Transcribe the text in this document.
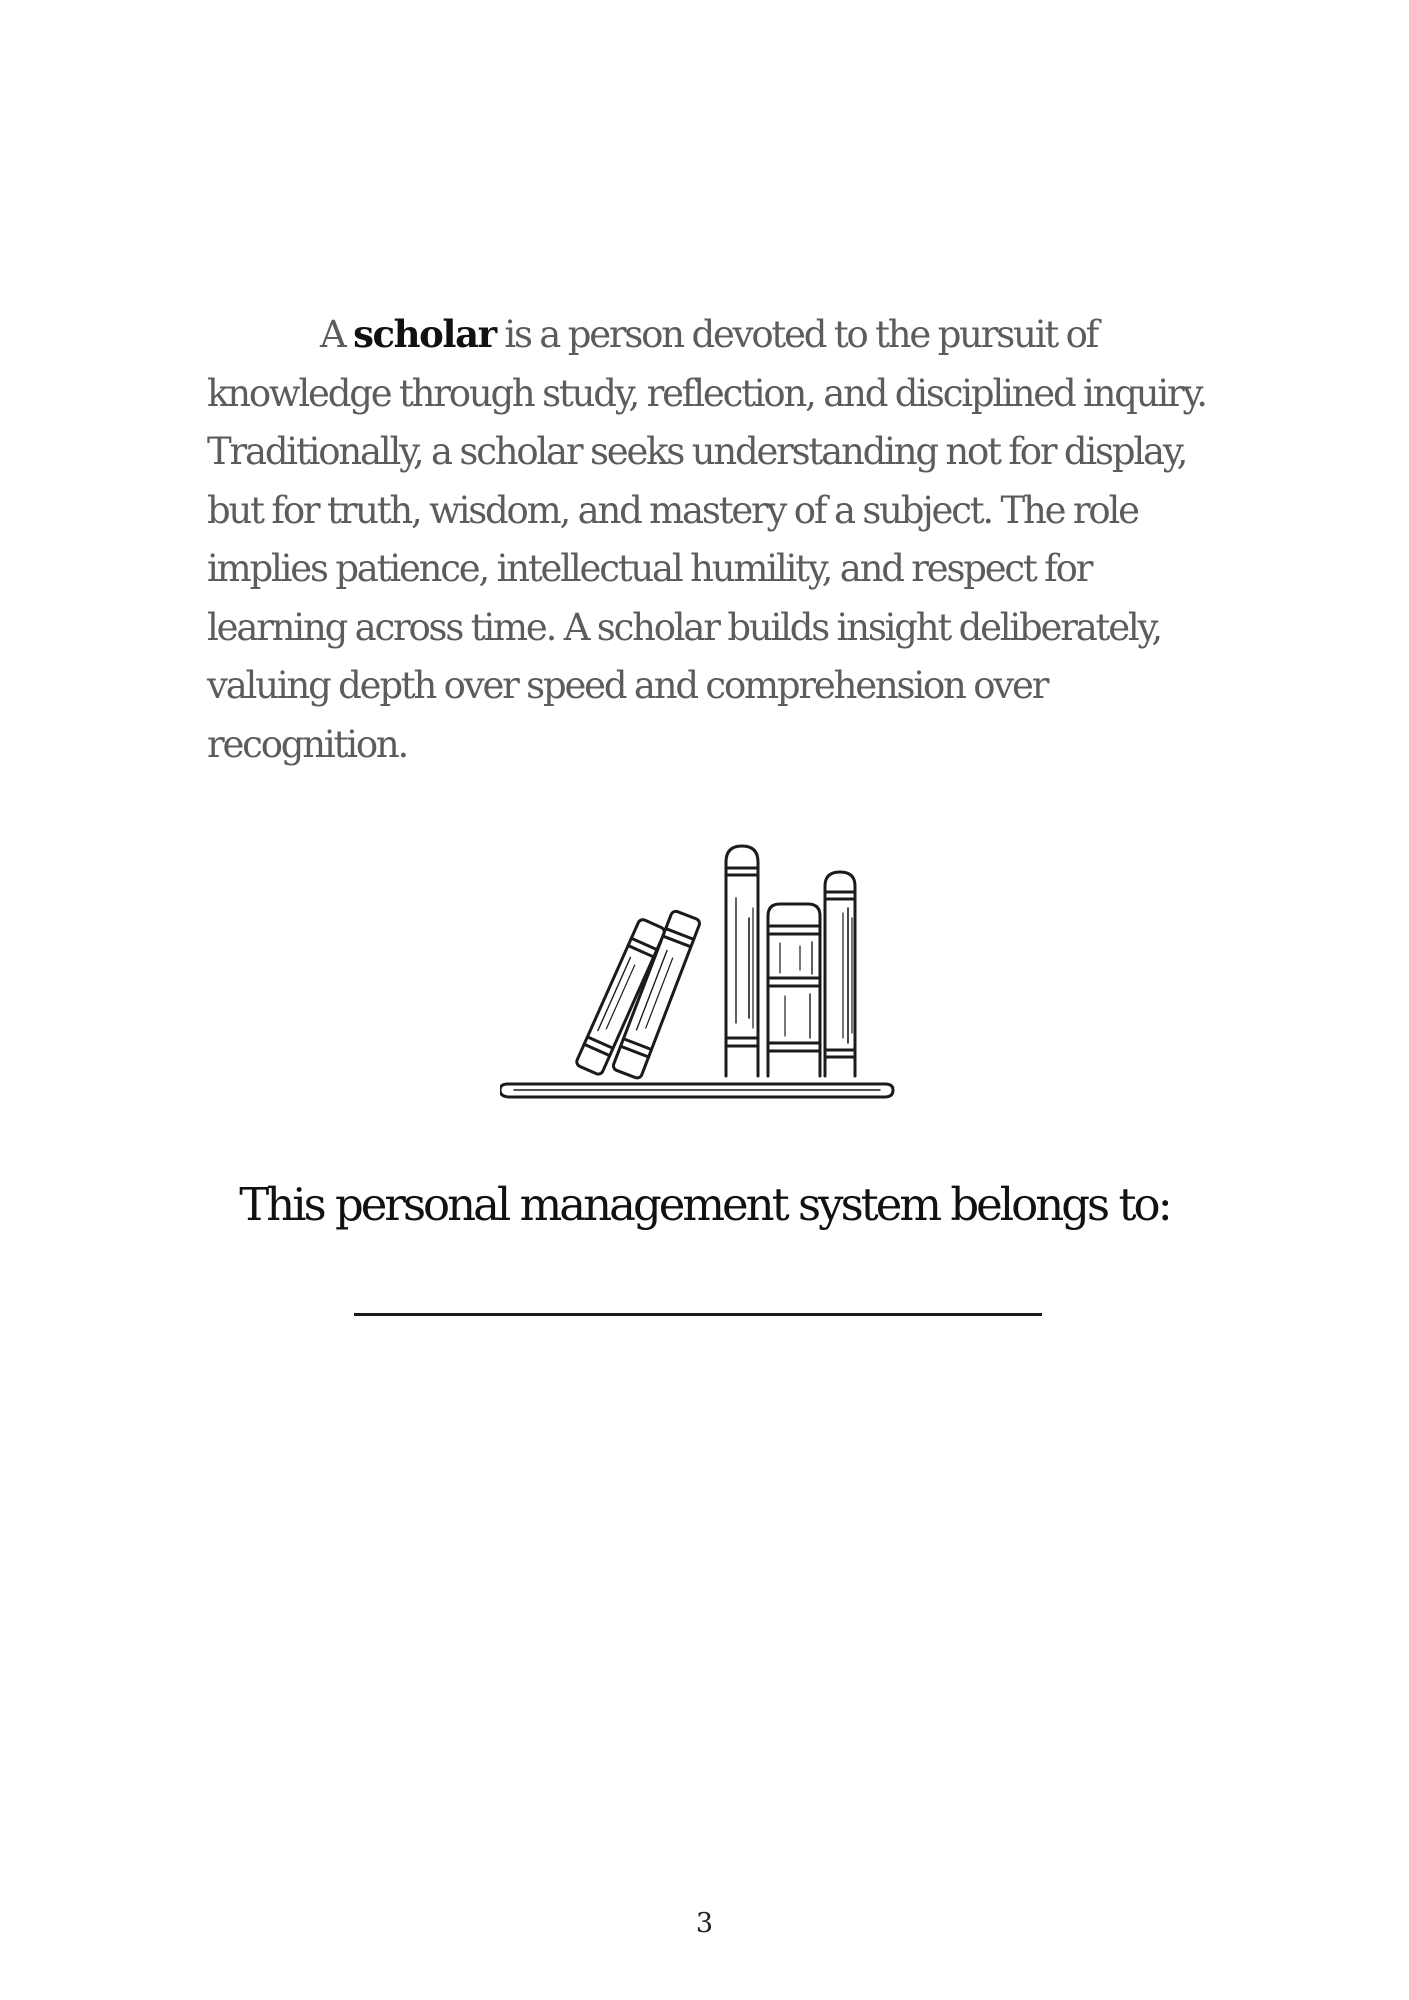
A scholar is a person devoted to the pursuit of knowledge through study, reflection, and disciplined inquiry. Traditionally, a scholar seeks understanding not for display, but for truth, wisdom, and mastery of a subject. The role implies patience, intellectual humility, and respect for learning across time. A scholar builds insight deliberately, valuing depth over speed and comprehension over recognition.

This personal management system belongs to:
3
